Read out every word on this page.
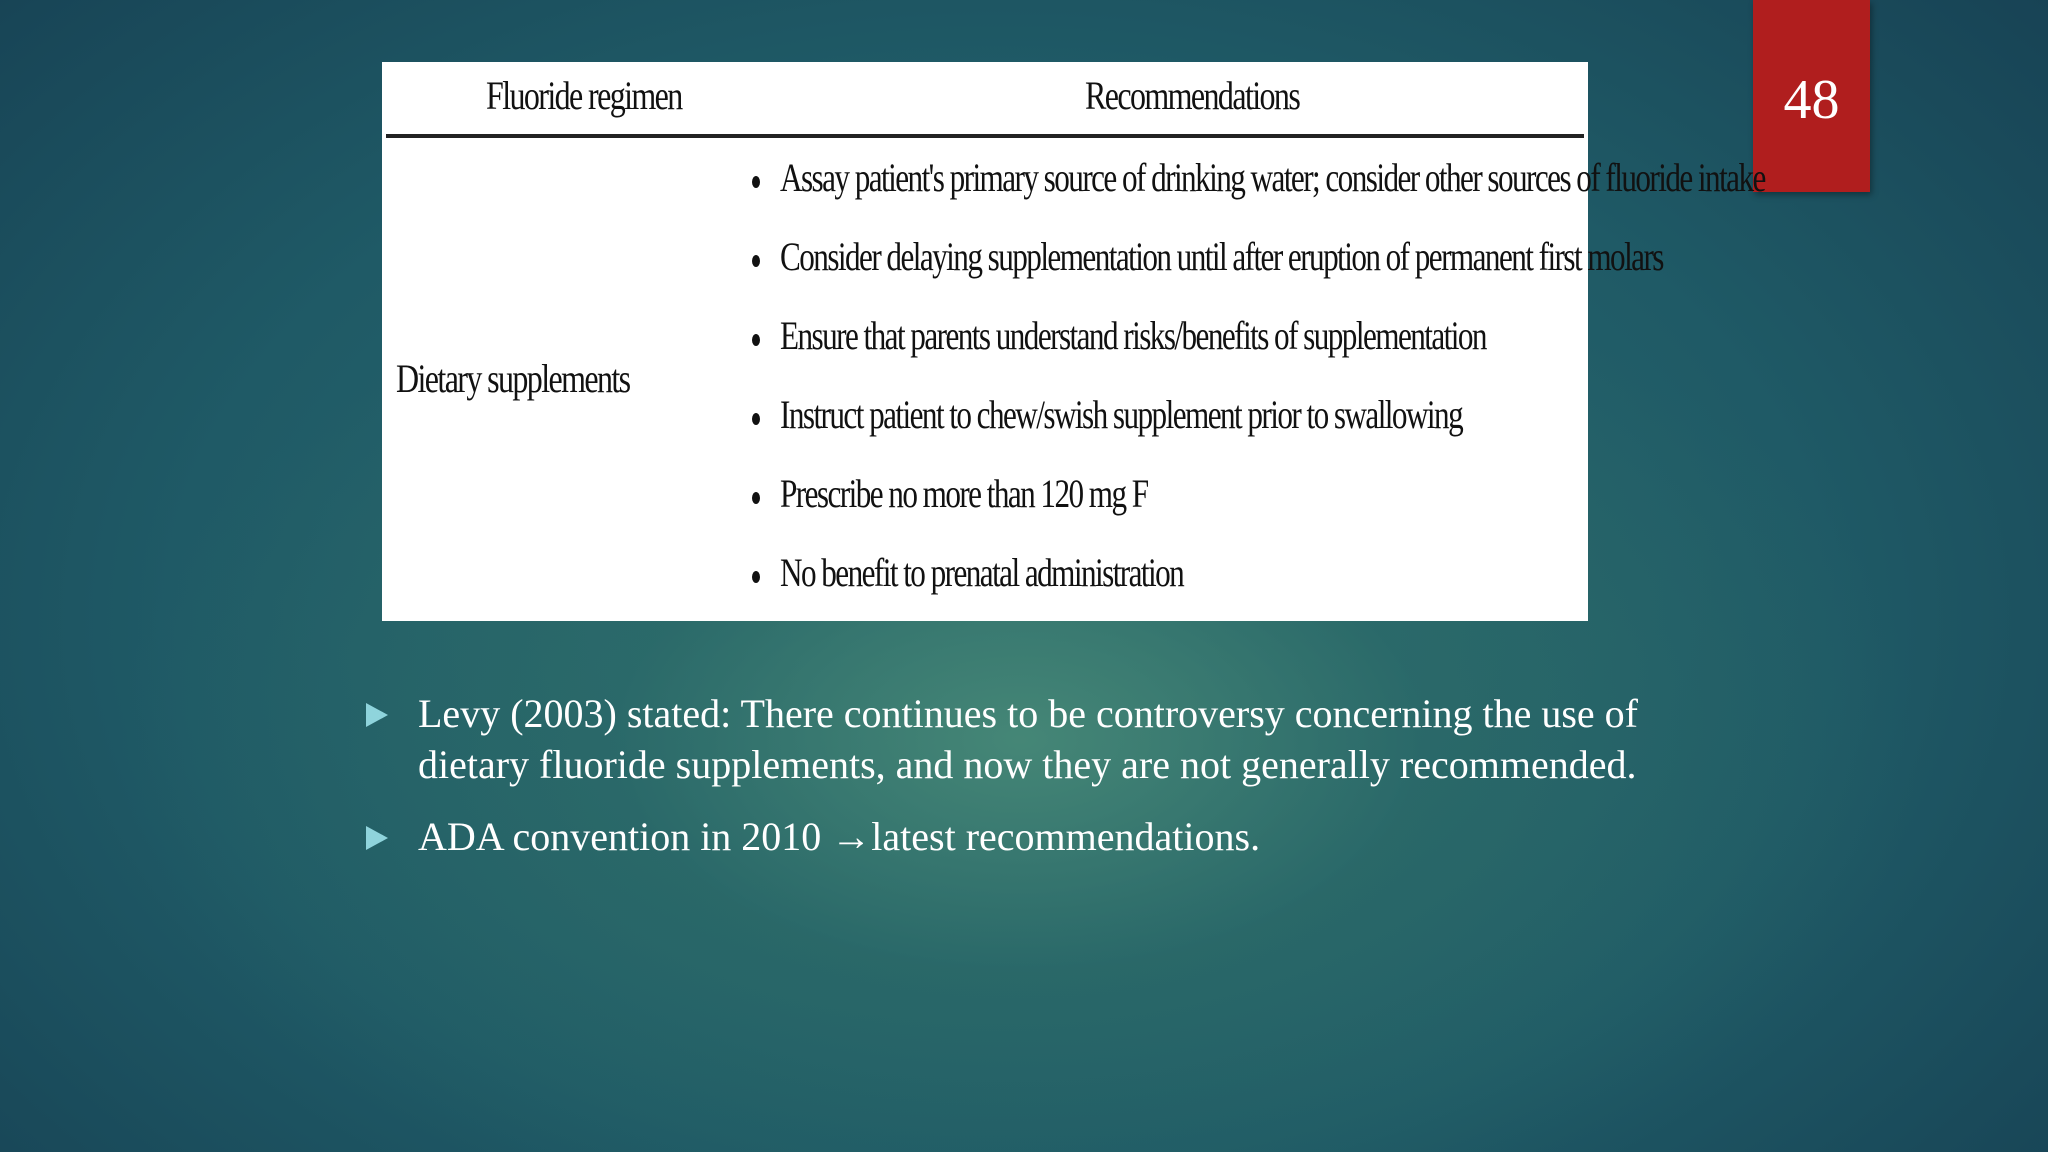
48
Fluoride regimen	Recommendations
Dietary supplements
Assay patient's primary source of drinking water; consider other sources of fluoride intake
Consider delaying supplementation until after eruption of permanent first molars
Ensure that parents understand risks/benefits of supplementation
Instruct patient to chew/swish supplement prior to swallowing
Prescribe no more than 120 mg F
No benefit to prenatal administration
Levy (2003) stated: There continues to be controversy concerning the use of dietary fluoride supplements, and now they are not generally recommended.
ADA convention in 2010 →latest recommendations.
